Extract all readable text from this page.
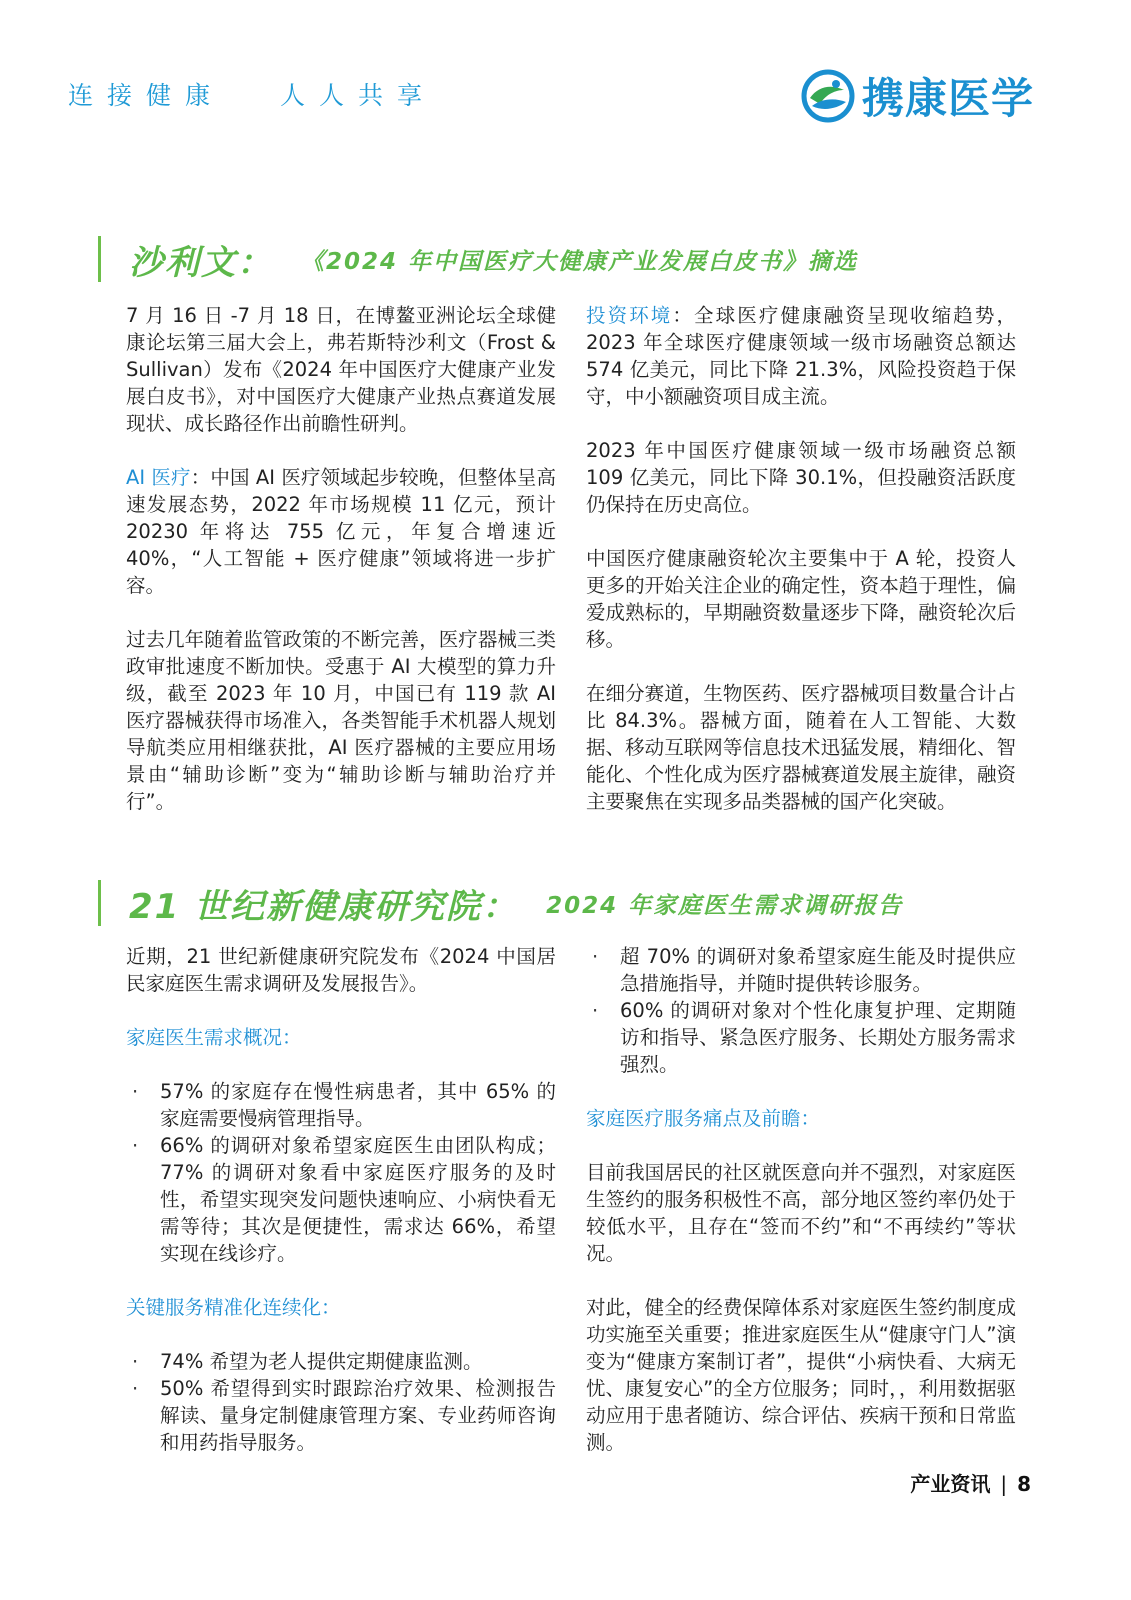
连接健康 人人共享	携康医学
沙利文： 《2024 年中国医疗大健康产业发展白皮书》摘选

7 月 16 日 -7 月 18 日，在博鳌亚洲论坛全球健康论坛第三届大会上，弗若斯特沙利文（Frost & Sullivan）发布《2024 年中国医疗大健康产业发展白皮书》，对中国医疗大健康产业热点赛道发展现状、成长路径作出前瞻性研判。

AI 医疗：中国 AI 医疗领域起步较晚，但整体呈高速发展态势，2022 年市场规模 11 亿元，预计 20230 年将达 755 亿元，年复合增速近 40%，“人工智能 + 医疗健康”领域将进一步扩容。

过去几年随着监管政策的不断完善，医疗器械三类政审批速度不断加快。受惠于 AI 大模型的算力升级，截至 2023 年 10 月，中国已有 119 款 AI 医疗器械获得市场准入，各类智能手术机器人规划导航类应用相继获批，AI 医疗器械的主要应用场景由“辅助诊断”变为“辅助诊断与辅助治疗并行”。

投资环境：全球医疗健康融资呈现收缩趋势，2023 年全球医疗健康领域一级市场融资总额达 574 亿美元，同比下降 21.3%，风险投资趋于保守，中小额融资项目成主流。

2023 年中国医疗健康领域一级市场融资总额 109 亿美元，同比下降 30.1%，但投融资活跃度仍保持在历史高位。

中国医疗健康融资轮次主要集中于 A 轮，投资人更多的开始关注企业的确定性，资本趋于理性，偏爱成熟标的，早期融资数量逐步下降，融资轮次后移。

在细分赛道，生物医药、医疗器械项目数量合计占比 84.3%。器械方面，随着在人工智能、大数据、移动互联网等信息技术迅猛发展，精细化、智能化、个性化成为医疗器械赛道发展主旋律，融资主要聚焦在实现多品类器械的国产化突破。

21 世纪新健康研究院： 2024 年家庭医生需求调研报告

近期，21 世纪新健康研究院发布《2024 中国居民家庭医生需求调研及发展报告》。

家庭医生需求概况：
· 57% 的家庭存在慢性病患者，其中 65% 的家庭需要慢病管理指导。
· 66% 的调研对象希望家庭医生由团队构成；77% 的调研对象看中家庭医疗服务的及时性，希望实现突发问题快速响应、小病快看无需等待；其次是便捷性，需求达 66%，希望实现在线诊疗。
关键服务精准化连续化：
· 74% 希望为老人提供定期健康监测。
· 50% 希望得到实时跟踪治疗效果、检测报告解读、量身定制健康管理方案、专业药师咨询和用药指导服务。
· 超 70% 的调研对象希望家庭生能及时提供应急措施指导，并随时提供转诊服务。
· 60% 的调研对象对个性化康复护理、定期随访和指导、紧急医疗服务、长期处方服务需求强烈。
家庭医疗服务痛点及前瞻：

目前我国居民的社区就医意向并不强烈，对家庭医生签约的服务积极性不高，部分地区签约率仍处于较低水平，且存在“签而不约”和“不再续约”等状况。

对此，健全的经费保障体系对家庭医生签约制度成功实施至关重要；推进家庭医生从“健康守门人”演变为“健康方案制订者”，提供“小病快看、大病无忧、康复安心”的全方位服务；同时，，利用数据驱动应用于患者随访、综合评估、疾病干预和日常监测。

产业资讯 | 8
